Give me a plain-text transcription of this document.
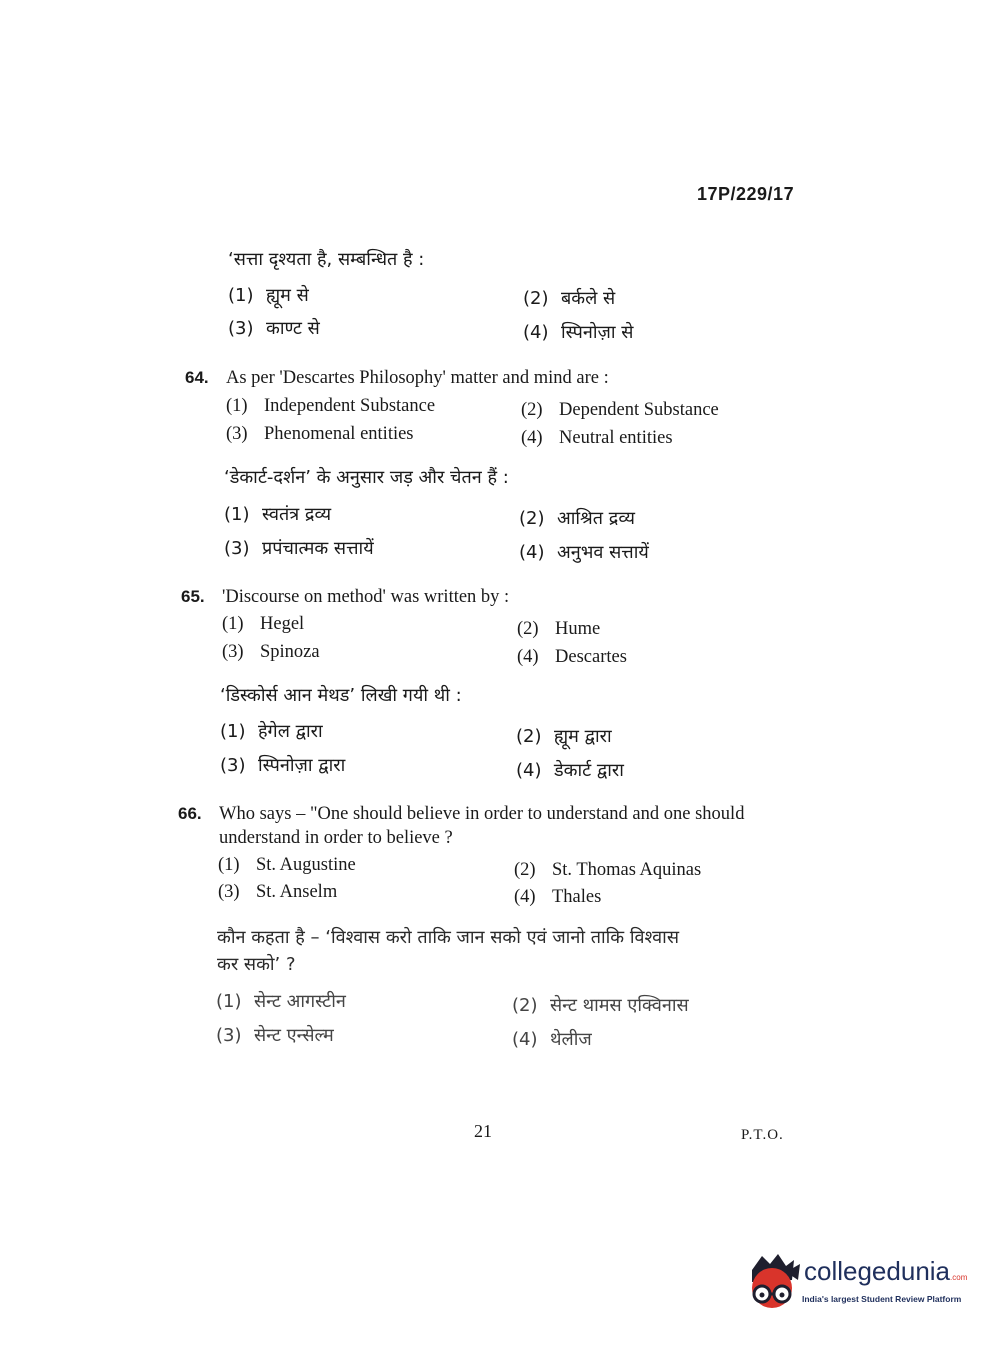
17P/229/17
‘सत्ता दृश्यता है, सम्बन्धित है :
(1) ह्यूम से	(2) बर्कले से
(3) काण्ट से	(4) स्पिनोज़ा से
64. As per 'Descartes Philosophy' matter and mind are :
(1) Independent Substance	(2) Dependent Substance
(3) Phenomenal entities	(4) Neutral entities
‘डेकार्ट-दर्शन’ के अनुसार जड़ और चेतन हैं :
(1) स्वतंत्र द्रव्य	(2) आश्रित द्रव्य
(3) प्रपंचात्मक सत्तायें	(4) अनुभव सत्तायें
65. 'Discourse on method' was written by :
(1) Hegel	(2) Hume
(3) Spinoza	(4) Descartes
‘डिस्कोर्स आन मेथड’ लिखी गयी थी :
(1) हेगेल द्वारा	(2) ह्यूम द्वारा
(3) स्पिनोज़ा द्वारा	(4) डेकार्ट द्वारा
66. Who says – "One should believe in order to understand and one should
understand in order to believe ?
(1) St. Augustine	(2) St. Thomas Aquinas
(3) St. Anselm	(4) Thales
कौन कहता है – ‘विश्वास करो ताकि जान सको एवं जानो ताकि विश्वास
कर सको’ ?
(1) सेन्ट आगस्टीन	(2) सेन्ट थामस एक्विनास
(3) सेन्ट एन्सेल्म	(4) थेलीज
21	P.T.O.
collegedunia.com
India's largest Student Review Platform
